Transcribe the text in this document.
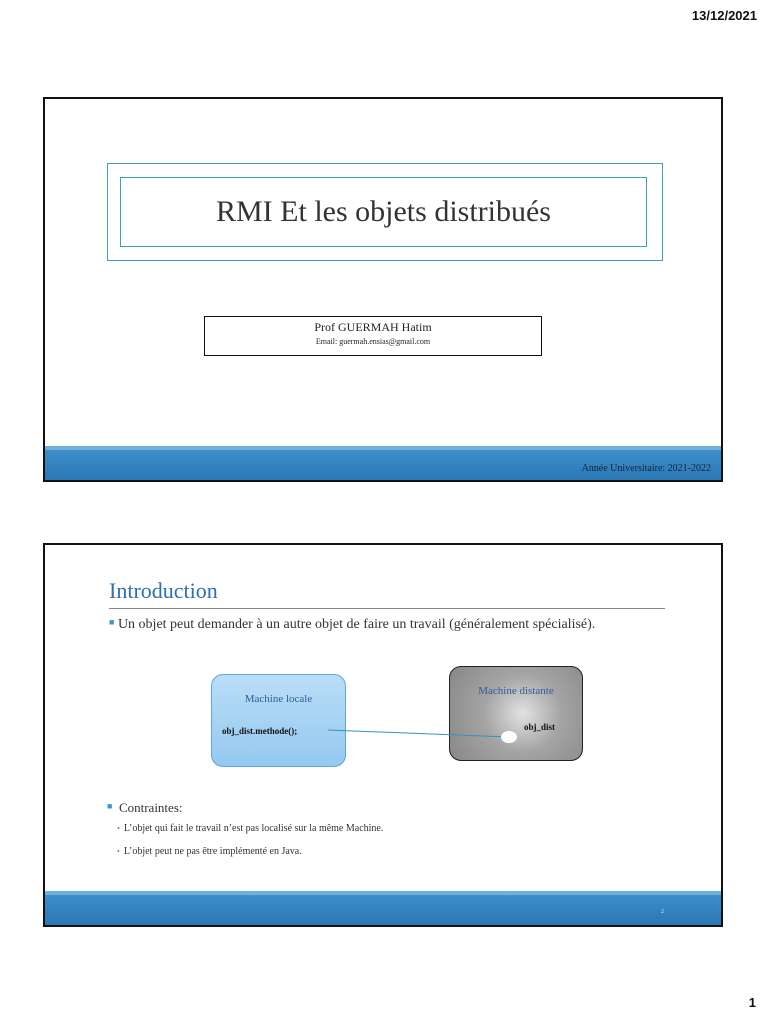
13/12/2021
RMI Et les objets distribués
Prof GUERMAH Hatim
Email: guermah.ensias@gmail.com
Année Universitaire: 2021-2022
Introduction
■ Un objet peut demander à un autre objet de faire un travail (généralement spécialisé).
Machine locale
obj_dist.methode();
Machine distante
obj_dist
■ Contraintes:
• L’objet qui fait le travail n’est pas localisé sur la même Machine.
• L’objet peut ne pas être implémenté en Java.
2
1
